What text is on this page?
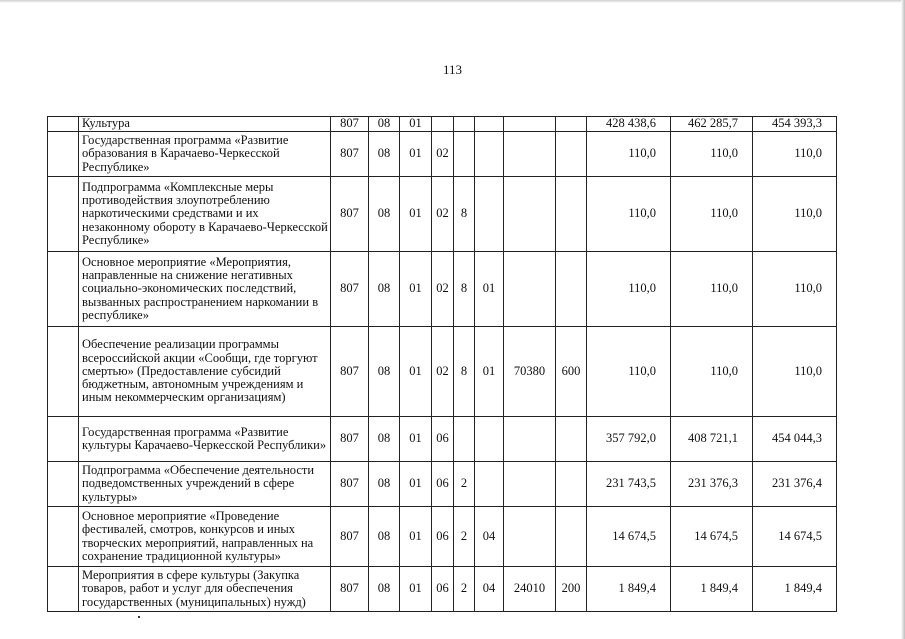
113
	Культура	807	08	01						428 438,6	462 285,7	454 393,3
	Государственная программа «Развитие образования в Карачаево-Черкесской Республике»	807	08	01	02					110,0	110,0	110,0
	Подпрограмма «Комплексные меры противодействия злоупотреблению наркотическими средствами и их незаконному обороту в Карачаево-Черкесской Республике»	807	08	01	02	8				110,0	110,0	110,0
	Основное мероприятие «Мероприятия, направленные на снижение негативных социально-экономических последствий, вызванных распространением наркомании в республике»	807	08	01	02	8	01			110,0	110,0	110,0
	Обеспечение реализации программы всероссийской акции «Сообщи, где торгуют смертью» (Предоставление субсидий бюджетным, автономным учреждениям и иным некоммерческим организациям)	807	08	01	02	8	01	70380	600	110,0	110,0	110,0
	Государственная программа «Развитие культуры Карачаево-Черкесской Республики»	807	08	01	06					357 792,0	408 721,1	454 044,3
	Подпрограмма «Обеспечение деятельности подведомственных учреждений в сфере культуры»	807	08	01	06	2				231 743,5	231 376,3	231 376,4
	Основное мероприятие «Проведение фестивалей, смотров, конкурсов и иных творческих мероприятий, направленных на сохранение традиционной культуры»	807	08	01	06	2	04			14 674,5	14 674,5	14 674,5
	Мероприятия в сфере культуры (Закупка товаров, работ и услуг для обеспечения государственных (муниципальных) нужд)	807	08	01	06	2	04	24010	200	1 849,4	1 849,4	1 849,4
